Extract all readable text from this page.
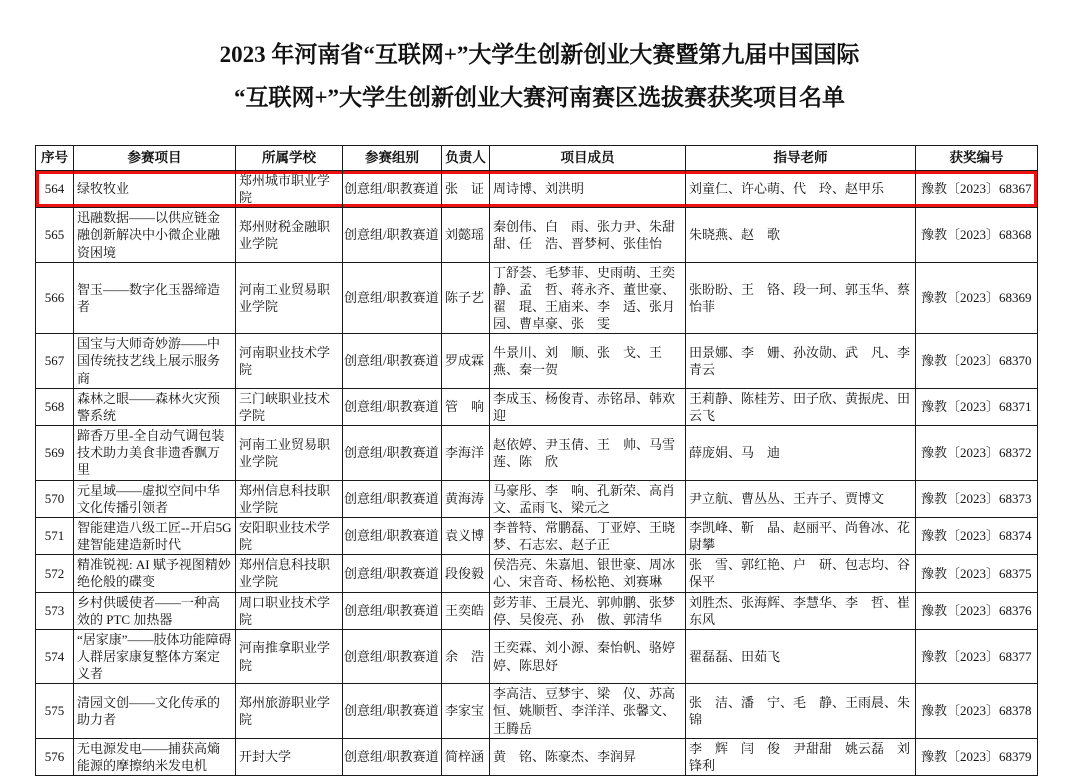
2023 年河南省“互联网+”大学生创新创业大赛暨第九届中国国际
“互联网+”大学生创新创业大赛河南赛区选拔赛获奖项目名单
序号	参赛项目	所属学校	参赛组别	负责人	项目成员	指导老师	获奖编号
564	绿牧牧业	郑州城市职业学院	创意组/职教赛道	张　证	周诗博、刘洪明	刘童仁、许心萌、代　玲、赵甲乐	豫教〔2023〕68367
565	迅融数据——以供应链金融创新解决中小微企业融资困境	郑州财税金融职业学院	创意组/职教赛道	刘懿瑶	秦创伟、白　雨、张力尹、朱甜甜、任　浩、晋梦柯、张佳怡	朱晓燕、赵　歌	豫教〔2023〕68368
566	智玉——数字化玉器缔造者	河南工业贸易职业学院	创意组/职教赛道	陈子艺	丁舒荟、毛梦菲、史雨萌、王奕静、孟　哲、蒋永齐、董世豪、翟　琨、王庙来、李　适、张月园、曹卓豪、张　雯	张盼盼、王　铬、段一珂、郭玉华、蔡怡菲	豫教〔2023〕68369
567	国宝与大师奇妙游——中国传统技艺线上展示服务商	河南职业技术学院	创意组/职教赛道	罗成霖	牛景川、刘　顺、张　戈、王　燕、秦一贺	田景娜、李　姗、孙汝勋、武　凡、李青云	豫教〔2023〕68370
568	森林之眼——森林火灾预警系统	三门峡职业技术学院	创意组/职教赛道	管　响	李成玉、杨俊青、赤铭昂、韩欢迎	王莉静、陈桂芳、田子欣、黄振虎、田云飞	豫教〔2023〕68371
569	蹄香万里-全自动气调包装技术助力美食非遗香飘万里	河南工业贸易职业学院	创意组/职教赛道	李海洋	赵依婷、尹玉倩、王　帅、马雪莲、陈　欣	薛庞娟、马　迪	豫教〔2023〕68372
570	元星域——虚拟空间中华文化传播引领者	郑州信息科技职业学院	创意组/职教赛道	黄海涛	马豪彤、李　响、孔新荣、高肖文、孟雨飞、梁元之	尹立航、曹丛丛、王卉子、贾博文	豫教〔2023〕68373
571	智能建造八级工匠--开启5G 建智能建造新时代	安阳职业技术学院	创意组/职教赛道	袁义博	李普特、常鹏磊、丁亚婷、王晓梦、石志宏、赵子正	李凯峰、靳　晶、赵丽平、尚鲁冰、花尉攀	豫教〔2023〕68374
572	精准锐视: AI 赋予视图精妙绝伦般的碟变	郑州信息科技职业学院	创意组/职教赛道	段俊毅	侯浩亮、朱嘉旭、银世豪、周冰心、宋音奇、杨松艳、刘赛琳	张　雪、郭红艳、户　研、包志均、谷保平	豫教〔2023〕68375
573	乡村供暖使者——一种高效的 PTC 加热器	周口职业技术学院	创意组/职教赛道	王奕皓	彭芳菲、王晨光、郭帅鹏、张梦停、吴俊亮、孙　傲、郭清华	刘胜杰、张海辉、李慧华、李　哲、崔东风	豫教〔2023〕68376
574	“居家康”——肢体功能障碍人群居家康复整体方案定义者	河南推拿职业学院	创意组/职教赛道	余　浩	王奕霖、刘小源、秦怡帆、骆婷婷、陈思妤	翟磊磊、田茹飞	豫教〔2023〕68377
575	清园文创——文化传承的助力者	郑州旅游职业学院	创意组/职教赛道	李家宝	李高洁、豆梦宇、梁　仪、苏高恒、姚顺哲、李洋洋、张馨文、王腾岳	张　洁、潘　宁、毛　静、王雨晨、朱　锦	豫教〔2023〕68378
576	无电源发电——捕获高熵能源的摩擦纳米发电机	开封大学	创意组/职教赛道	简梓涵	黄　铭、陈豪杰、李润昇	李　辉　闫　俊　尹甜甜　姚云磊　刘锋利	豫教〔2023〕68379
